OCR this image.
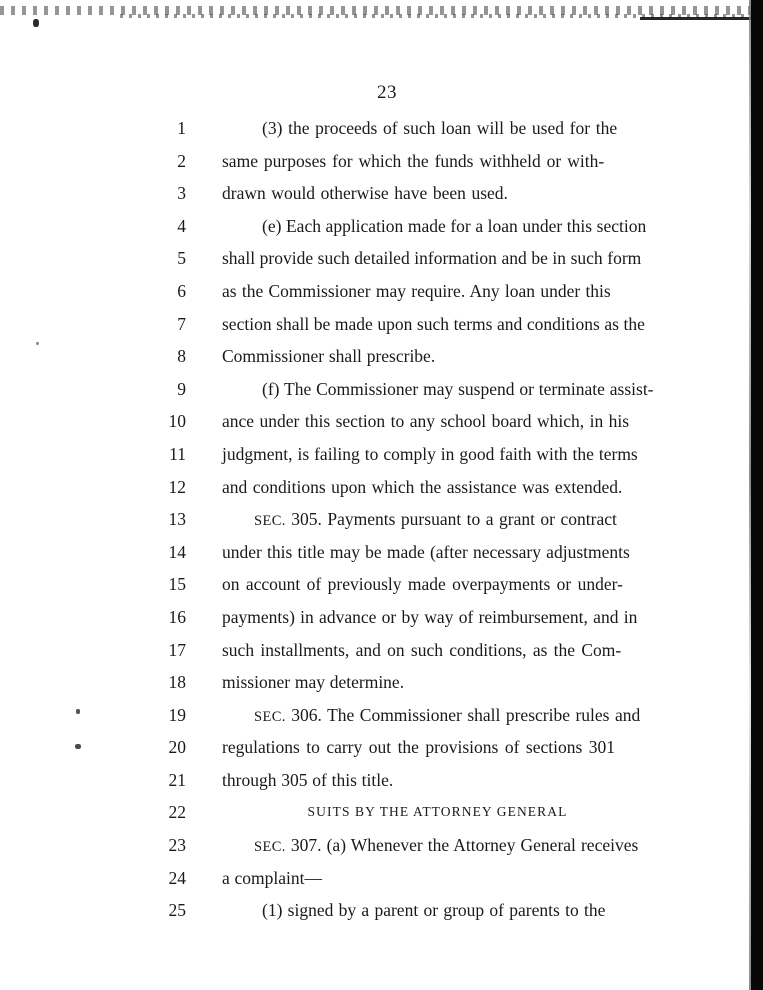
23
1	(3) the proceeds of such loan will be used for the
2 same purposes for which the funds withheld or with-
3 drawn would otherwise have been used.
4	(e) Each application made for a loan under this section
5 shall provide such detailed information and be in such form
6 as the Commissioner may require. Any loan under this
7 section shall be made upon such terms and conditions as the
8 Commissioner shall prescribe.
9	(f) The Commissioner may suspend or terminate assist-
10 ance under this section to any school board which, in his
11 judgment, is failing to comply in good faith with the terms
12 and conditions upon which the assistance was extended.
13	SEC. 305. Payments pursuant to a grant or contract
14 under this title may be made (after necessary adjustments
15 on account of previously made overpayments or under-
16 payments) in advance or by way of reimbursement, and in
17 such installments, and on such conditions, as the Com-
18 missioner may determine.
19	SEC. 306. The Commissioner shall prescribe rules and
20 regulations to carry out the provisions of sections 301
21 through 305 of this title.
22	SUITS BY THE ATTORNEY GENERAL
23	SEC. 307. (a) Whenever the Attorney General receives
24 a complaint—
25	(1) signed by a parent or group of parents to the
